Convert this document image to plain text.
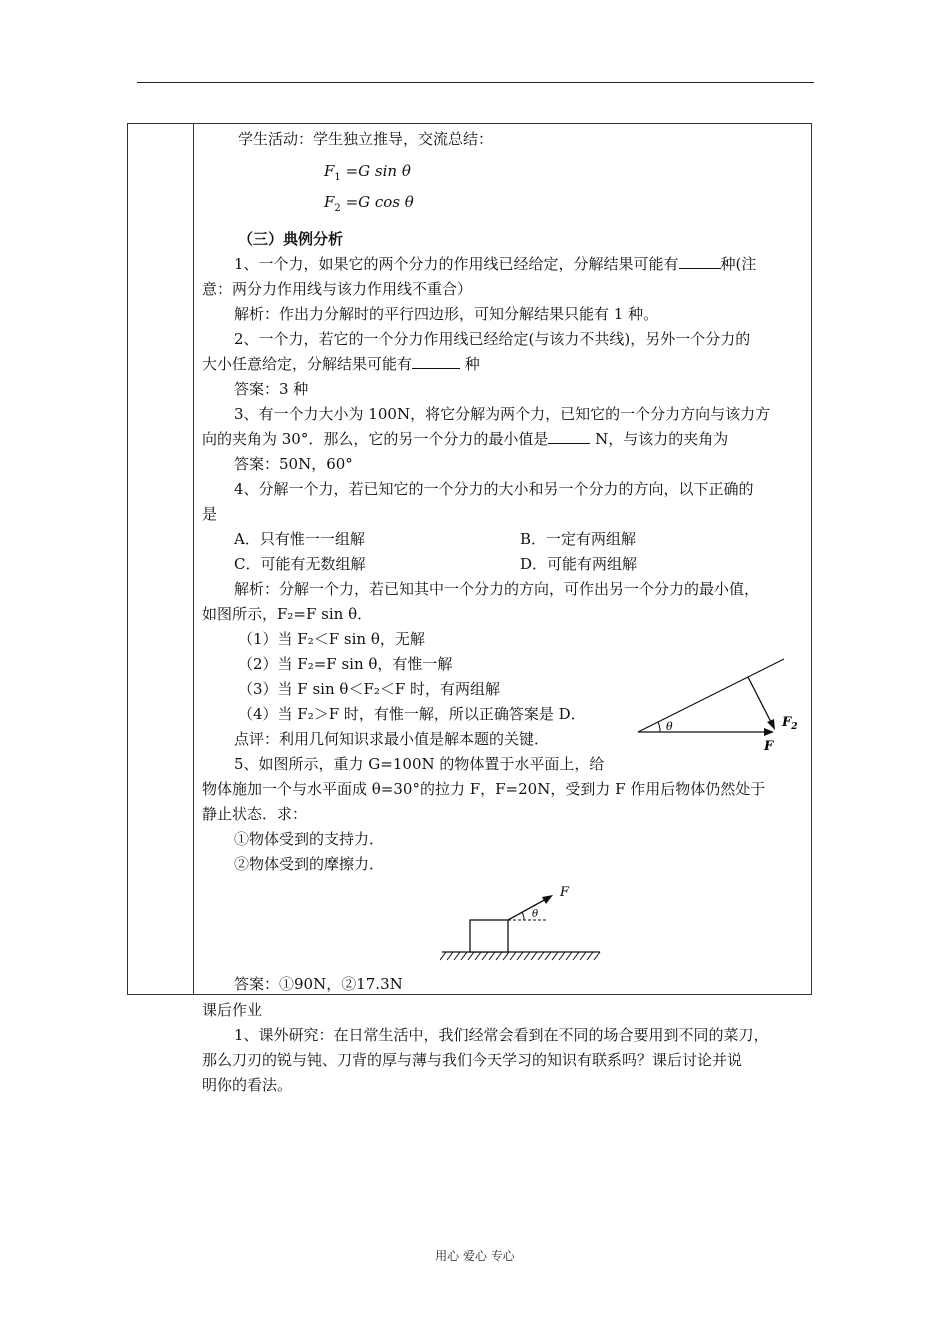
学生活动：学生独立推导，交流总结：
$F_1 =G$ sin θ
$F_2 =G$ cos θ
（三）典例分析
1、一个力，如果它的两个分力的作用线已经给定，分解结果可能有	种(注
意：两分力作用线与该力作用线不重合）
解析：作出力分解时的平行四边形，可知分解结果只能有 1 种。
2、一个力，若它的一个分力作用线已经给定(与该力不共线)，另外一个分力的
大小任意给定，分解结果可能有	种
答案：3 种
3、有一个力大小为 100N，将它分解为两个力，已知它的一个分力方向与该力方
向的夹角为 30°．那么，它的另一个分力的最小值是	N，与该力的夹角为
答案：50N，60°
4、分解一个力，若已知它的一个分力的大小和另一个分力的方向，以下正确的
是
A．只有惟一一组解	B．一定有两组解
C．可能有无数组解	D．可能有两组解
解析：分解一个力，若已知其中一个分力的方向，可作出另一个分力的最小值，
如图所示，F₂=F sin θ．
（1）当 F₂＜F sin θ，无解
（2）当 F₂=F sin θ，有惟一解
（3）当 F sin θ＜F₂＜F 时，有两组解
（4）当 F₂＞F 时，有惟一解，所以正确答案是 D．
点评：利用几何知识求最小值是解本题的关键．
5、如图所示，重力 G=100N 的物体置于水平面上，给
物体施加一个与水平面成 θ=30°的拉力 F，F=20N，受到力 F 作用后物体仍然处于
静止状态．求：
①物体受到的支持力．
②物体受到的摩擦力．
答案：①90N，②17.3N
课后作业
1、课外研究：在日常生活中，我们经常会看到在不同的场合要用到不同的菜刀，
那么刀刃的锐与钝、刀背的厚与薄与我们今天学习的知识有联系吗？课后讨论并说
明你的看法。
θ
F
$F_2$
θ
F
用心 爱心 专心
